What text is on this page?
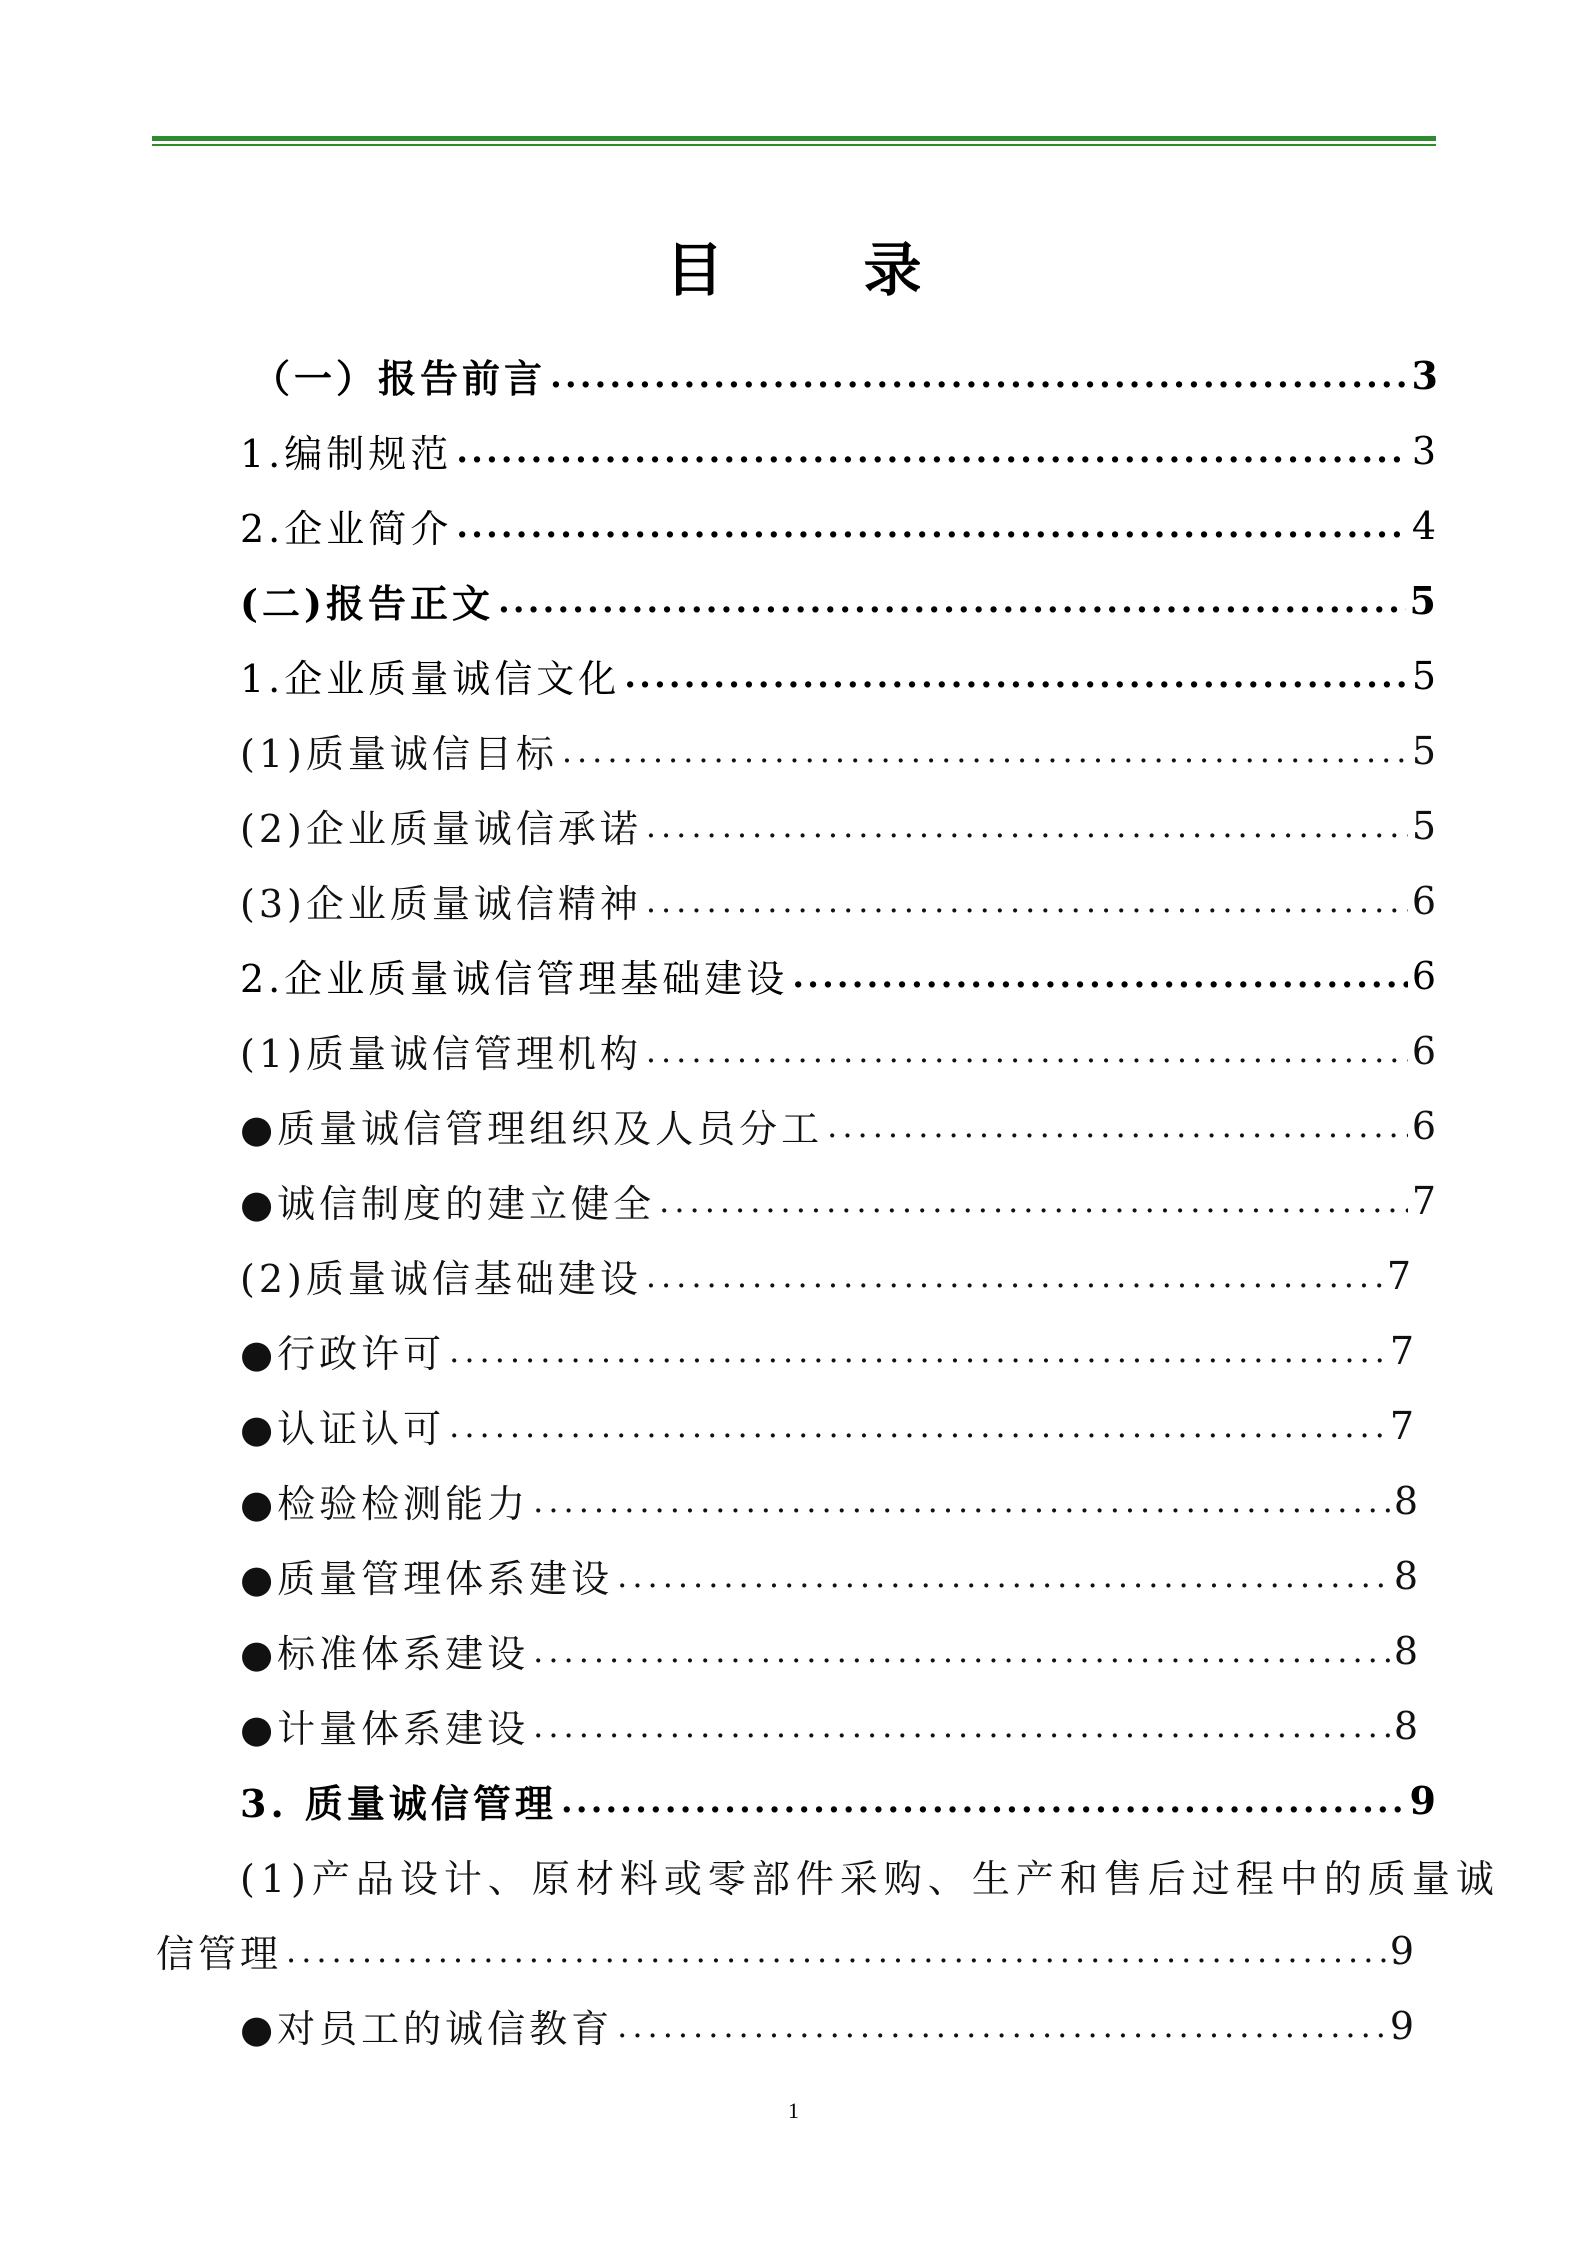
目录
（一）报告前言 .....	3
1.编制规范 .....	3
2.企业简介 .....	4
(二)报告正文 .....	5
1.企业质量诚信文化 .....	5
(1)质量诚信目标 .....	5
(2)企业质量诚信承诺 .....	5
(3)企业质量诚信精神 .....	6
2.企业质量诚信管理基础建设 .....	6
(1)质量诚信管理机构 .....	6
●质量诚信管理组织及人员分工 .....	6
●诚信制度的建立健全 .....	7
(2)质量诚信基础建设 .....	7
●行政许可 .....	7
●认证认可 .....	7
●检验检测能力 .....	8
●质量管理体系建设 .....	8
●标准体系建设 .....	8
●计量体系建设 .....	8
3. 质量诚信管理 .....	9
(1)产品设计、原材料或零部件采购、生产和售后过程中的质量诚
信管理 .....	9
●对员工的诚信教育 .....	9
1
